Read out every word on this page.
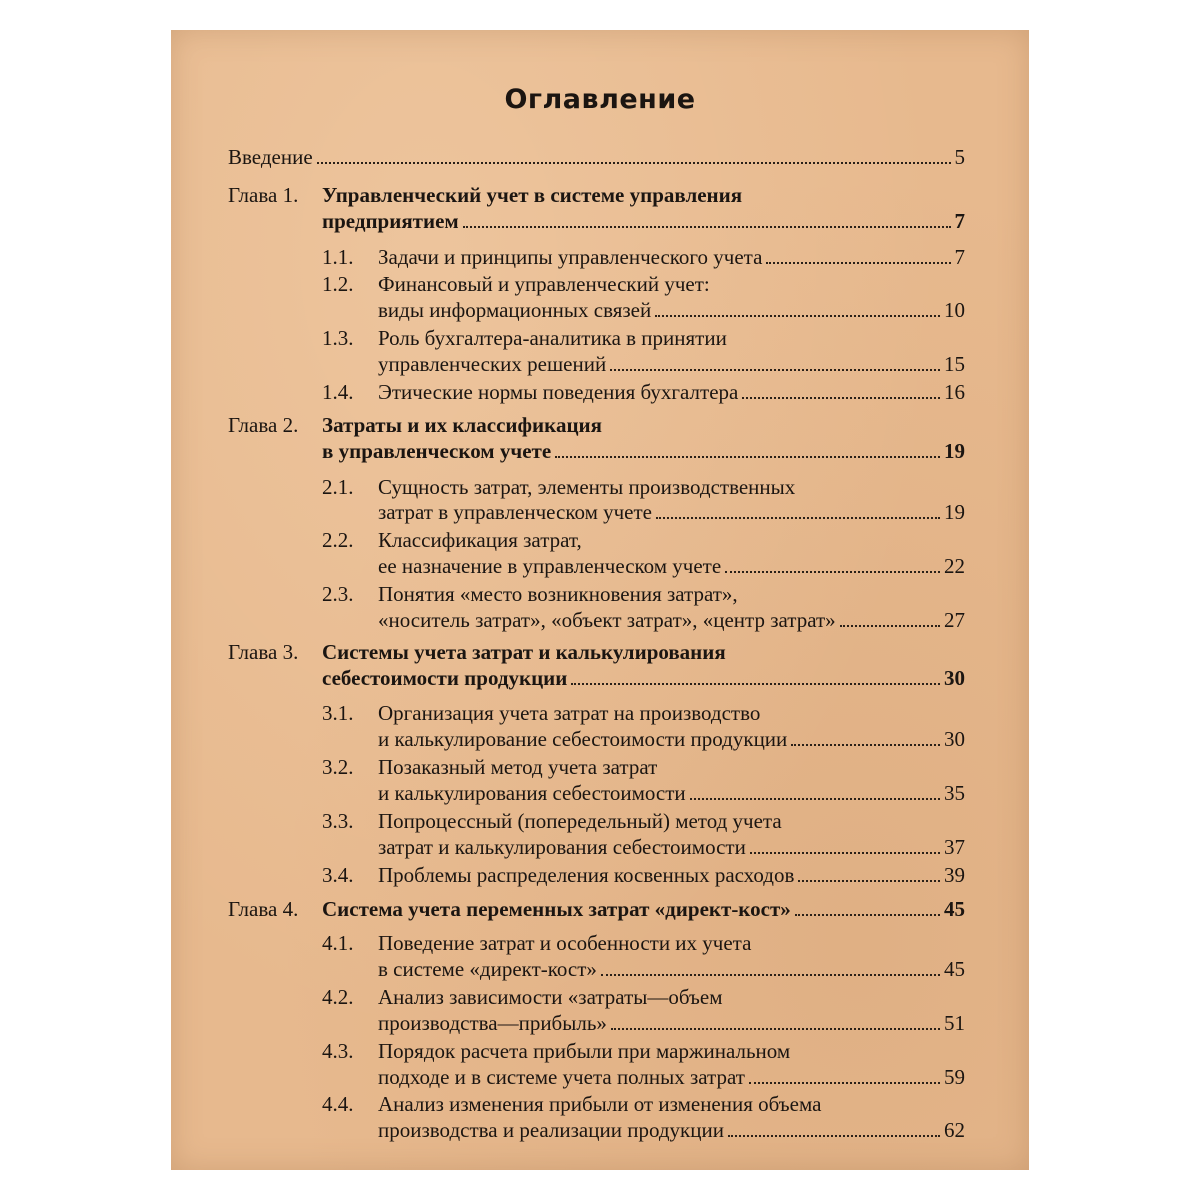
Оглавление
Введение	5
Глава 1. Управленческий учет в системе управления
предприятием	7
1.1. Задачи и принципы управленческого учета	7
1.2. Финансовый и управленческий учет:
виды информационных связей	10
1.3. Роль бухгалтера-аналитика в принятии
управленческих решений	15
1.4. Этические нормы поведения бухгалтера	16
Глава 2. Затраты и их классификация
в управленческом учете	19
2.1. Сущность затрат, элементы производственных
затрат в управленческом учете	19
2.2. Классификация затрат,
ее назначение в управленческом учете	22
2.3. Понятия «место возникновения затрат»,
«носитель затрат», «объект затрат», «центр затрат»	27
Глава 3. Системы учета затрат и калькулирования
себестоимости продукции	30
3.1. Организация учета затрат на производство
и калькулирование себестоимости продукции	30
3.2. Позаказный метод учета затрат
и калькулирования себестоимости	35
3.3. Попроцессный (попередельный) метод учета
затрат и калькулирования себестоимости	37
3.4. Проблемы распределения косвенных расходов	39
Глава 4. Система учета переменных затрат «директ-кост»	45
4.1. Поведение затрат и особенности их учета
в системе «директ-кост»	45
4.2. Анализ зависимости «затраты—объем
производства—прибыль»	51
4.3. Порядок расчета прибыли при маржинальном
подходе и в системе учета полных затрат	59
4.4. Анализ изменения прибыли от изменения объема
производства и реализации продукции	62
